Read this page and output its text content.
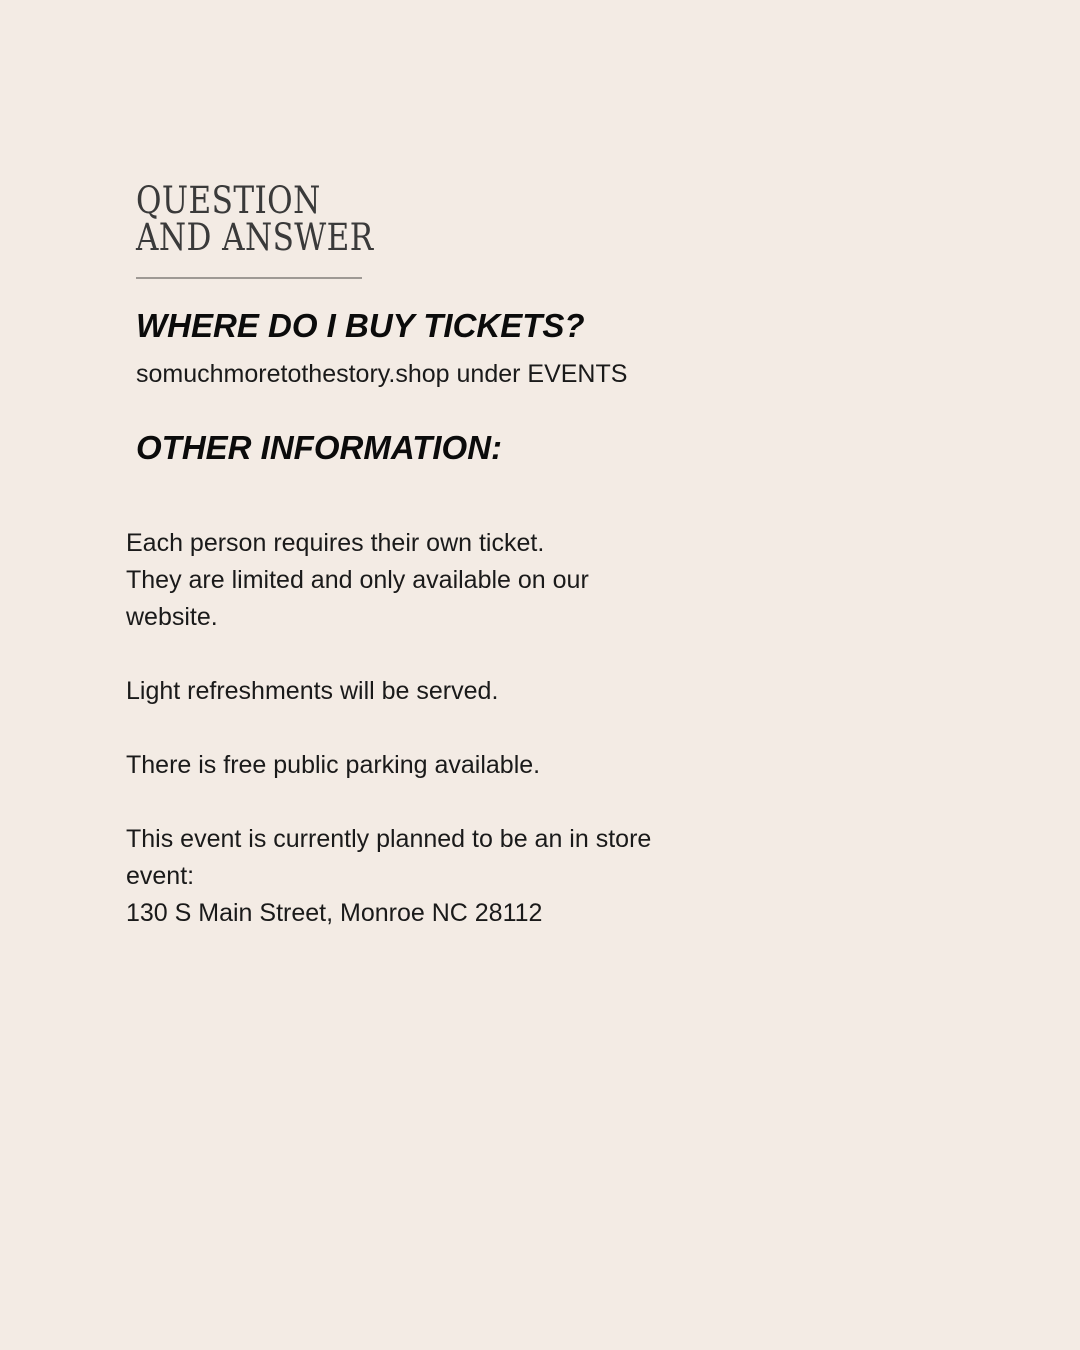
QUESTION
AND ANSWER
WHERE DO I BUY TICKETS?

somuchmoretothestory.shop under EVENTS

OTHER INFORMATION:

Each person requires their own ticket.
They are limited and only available on our
website.

Light refreshments will be served.

There is free public parking available.

This event is currently planned to be an in store
event:
130 S Main Street, Monroe NC 28112
